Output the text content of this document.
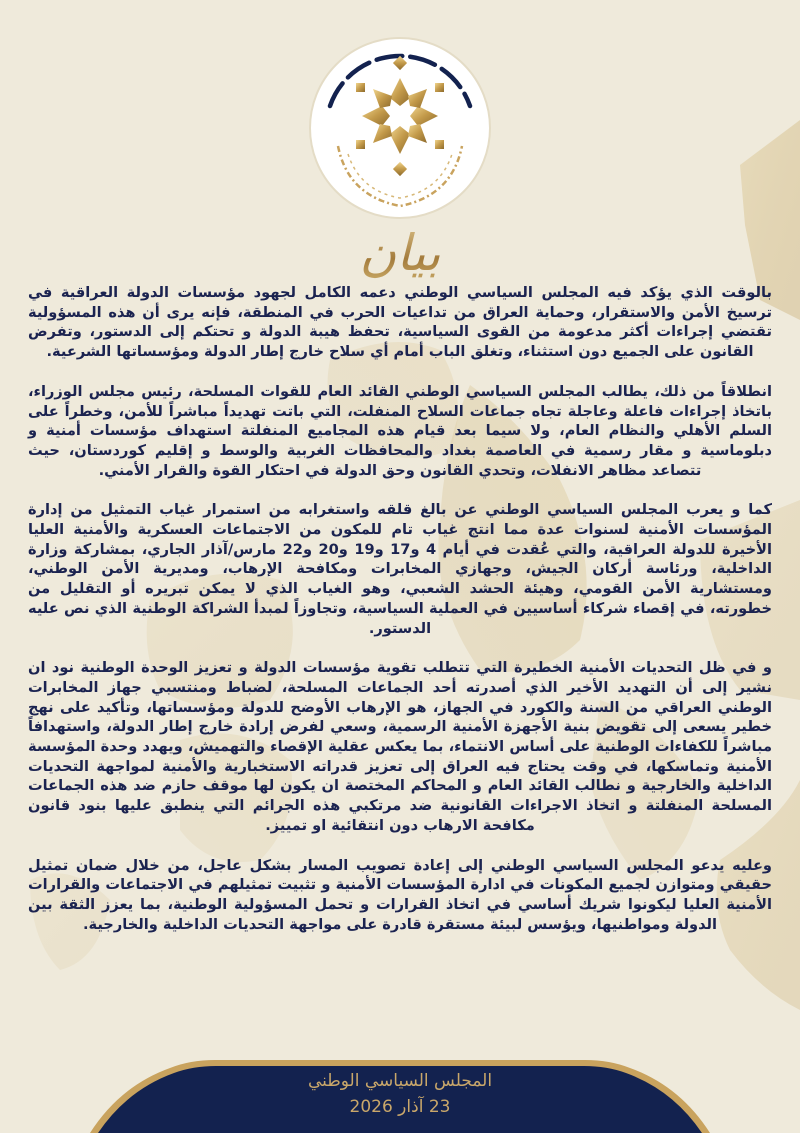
بيان

بالوقت الذي يؤكد فيه المجلس السياسي الوطني دعمه الكامل لجهود مؤسسات الدولة العراقية في ترسيخ الأمن والاستقرار، وحماية العراق من تداعيات الحرب في المنطقة، فإنه يرى أن هذه المسؤولية تقتضي إجراءات أكثر مدعومة من القوى السياسية، تحفظ هيبة الدولة و تحتكم إلى الدستور، وتفرض القانون على الجميع دون استثناء، وتغلق الباب أمام أي سلاح خارج إطار الدولة ومؤسساتها الشرعية.

انطلاقاً من ذلك، يطالب المجلس السياسي الوطني القائد العام للقوات المسلحة، رئيس مجلس الوزراء، باتخاذ إجراءات فاعلة وعاجلة تجاه جماعات السلاح المنفلت، التي باتت تهديداً مباشراً للأمن، وخطراً على السلم الأهلي والنظام العام، ولا سيما بعد قيام هذه المجاميع المنفلتة استهداف مؤسسات أمنية و دبلوماسية و مقار رسمية في العاصمة بغداد والمحافظات الغربية والوسط و إقليم كوردستان، حيث تتصاعد مظاهر الانفلات، وتحدي القانون وحق الدولة في احتكار القوة والقرار الأمني.

كما و يعرب المجلس السياسي الوطني عن بالغ قلقه واستغرابه من استمرار غياب التمثيل من إدارة المؤسسات الأمنية لسنوات عدة مما انتج غياب تام للمكون من الاجتماعات العسكرية والأمنية العليا الأخيرة للدولة العراقية، والتي عُقدت في أيام 4 و17 و19 و20 و22 مارس/آذار الجاري، بمشاركة وزارة الداخلية، ورئاسة أركان الجيش، وجهازي المخابرات ومكافحة الإرهاب، ومديرية الأمن الوطني، ومستشارية الأمن القومي، وهيئة الحشد الشعبي، وهو الغياب الذي لا يمكن تبريره أو التقليل من خطورته، في إقصاء شركاء أساسيين في العملية السياسية، وتجاوزاً لمبدأ الشراكة الوطنية الذي نص عليه الدستور.

و في ظل التحديات الأمنية الخطيرة التي تتطلب تقوية مؤسسات الدولة و تعزيز الوحدة الوطنية نود ان نشير إلى أن التهديد الأخير الذي أصدرته أحد الجماعات المسلحة، لضباط ومنتسبي جهاز المخابرات الوطني العراقي من السنة والكورد في الجهاز، هو الإرهاب الأوضح للدولة ومؤسساتها، وتأكيد على نهج خطير يسعى إلى تقويض بنية الأجهزة الأمنية الرسمية، وسعي لفرض إرادة خارج إطار الدولة، واستهدافاً مباشراً للكفاءات الوطنية على أساس الانتماء، بما يعكس عقلية الإقصاء والتهميش، ويهدد وحدة المؤسسة الأمنية وتماسكها، في وقت يحتاج فيه العراق إلى تعزيز قدراته الاستخبارية والأمنية لمواجهة التحديات الداخلية والخارجية و نطالب القائد العام و المحاكم المختصة ان يكون لها موقف حازم ضد هذه الجماعات المسلحة المنفلتة و اتخاذ الاجراءات القانونية ضد مرتكبي هذه الجرائم التي ينطبق عليها بنود قانون مكافحة الارهاب دون انتقائية او تمييز.

وعليه يدعو المجلس السياسي الوطني إلى إعادة تصويب المسار بشكل عاجل، من خلال ضمان تمثيل حقيقي ومتوازن لجميع المكونات في ادارة المؤسسات الأمنية و تثبيت تمثيلهم في الاجتماعات والقرارات الأمنية العليا ليكونوا شريك أساسي في اتخاذ القرارات و تحمل المسؤولية الوطنية، بما يعزز الثقة بين الدولة ومواطنيها، ويؤسس لبيئة مستقرة قادرة على مواجهة التحديات الداخلية والخارجية.

المجلس السياسي الوطني
23 آذار 2026
